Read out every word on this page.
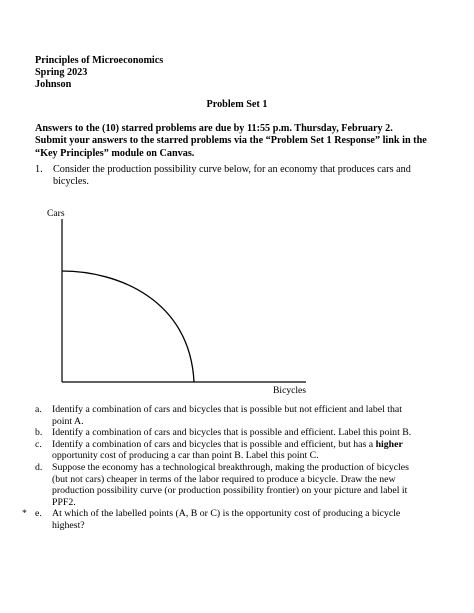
Principles of Microeconomics
Spring 2023
Johnson
Problem Set 1
Answers to the (10) starred problems are due by 11:55 p.m. Thursday, February 2.
Submit your answers to the starred problems via the “Problem Set 1 Response” link in the
“Key Principles” module on Canvas.
1. Consider the production possibility curve below, for an economy that produces cars and
bicycles.
Cars
Bicycles
a.	Identify a combination of cars and bicycles that is possible but not efficient and label that
point A.
b. Identify a combination of cars and bicycles that is possible and efficient. Label this point B.
c.	Identify a combination of cars and bicycles that is possible and efficient, but has a higher
opportunity cost of producing a car than point B. Label this point C.
d. Suppose the economy has a technological breakthrough, making the production of bicycles
(but not cars) cheaper in terms of the labor required to produce a bicycle. Draw the new
production possibility curve (or production possibility frontier) on your picture and label it
PPF2.
* e.	At which of the labelled points (A, B or C) is the opportunity cost of producing a bicycle
highest?
